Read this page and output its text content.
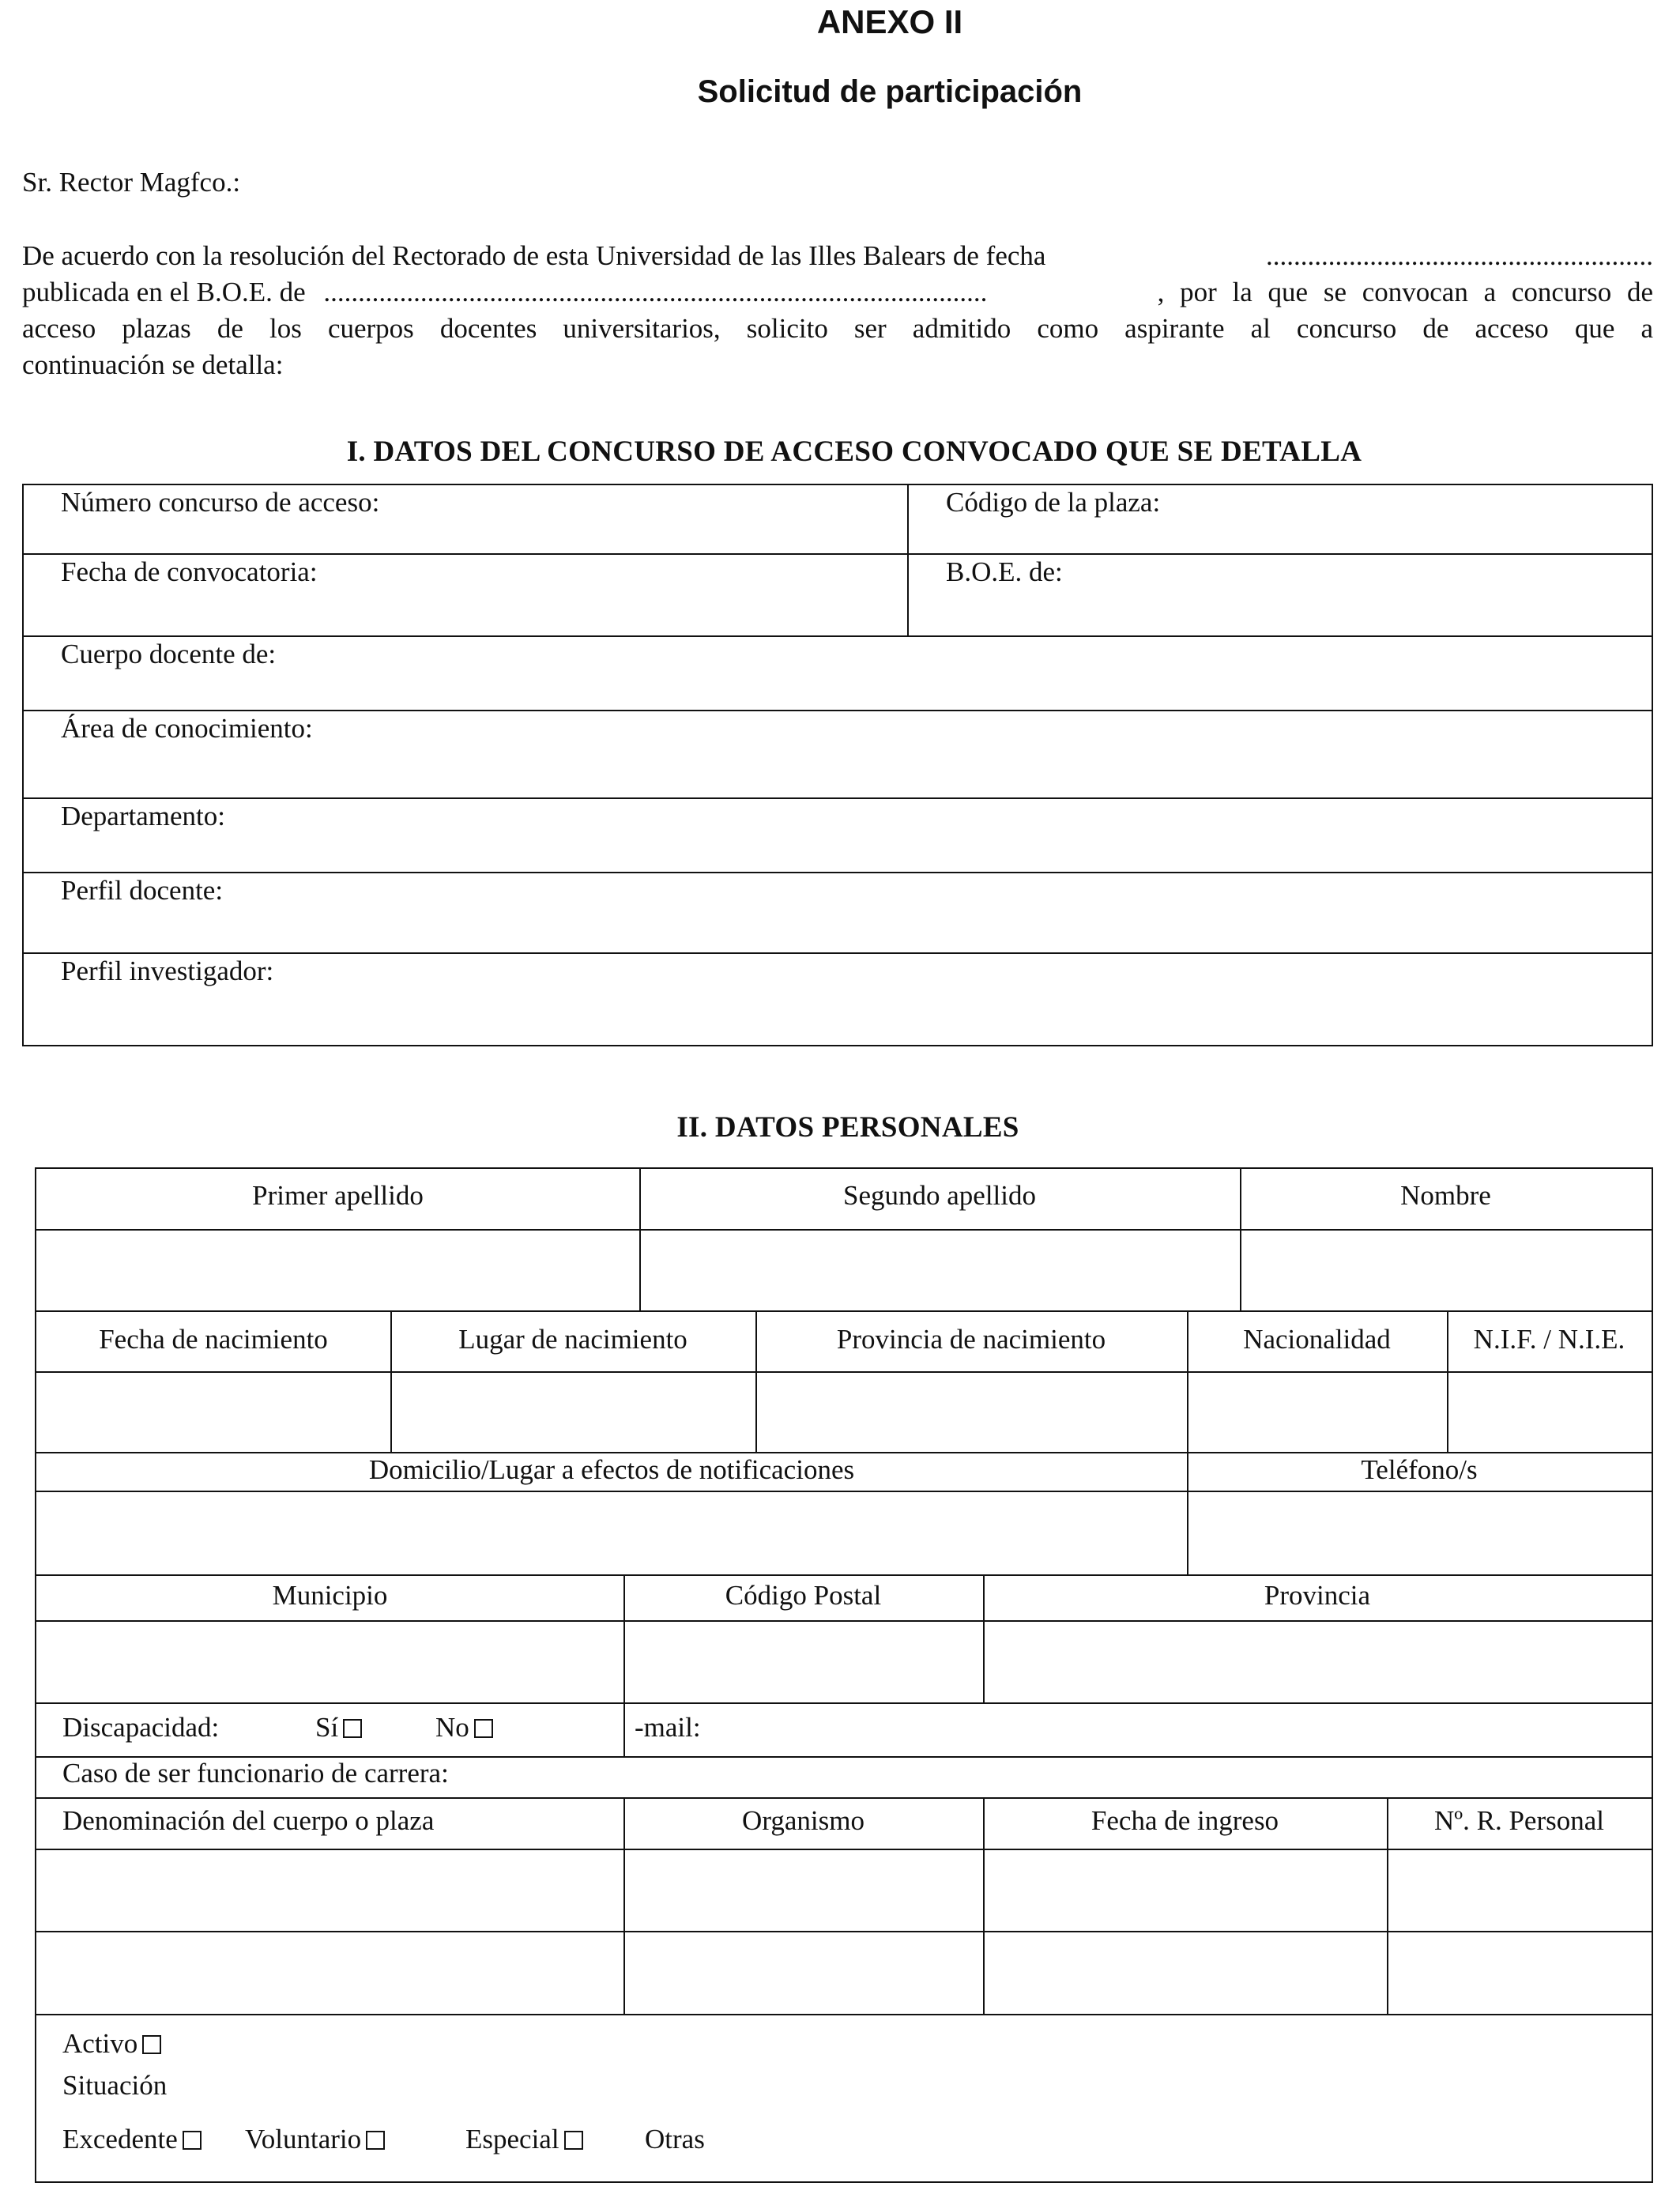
ANEXO II
Solicitud de participación
Sr. Rector Magfco.:
De acuerdo con la resolución del Rectorado de esta Universidad de las Illes Balears de fecha	........................................................
publicada en el B.O.E. de ................................................................................................	, por la que se convocan a concurso de
acceso plazas de los cuerpos docentes universitarios, solicito ser admitido como aspirante al concurso de acceso que a
continuación se detalla:
I. DATOS DEL CONCURSO DE ACCESO CONVOCADO QUE SE DETALLA
Número concurso de acceso:	Código de la plaza:
Fecha de convocatoria:	B.O.E. de:
Cuerpo docente de:
Área de conocimiento:
Departamento:
Perfil docente:
Perfil investigador:
II. DATOS PERSONALES
Primer apellido	Segundo apellido	Nombre
Fecha de nacimiento	Lugar de nacimiento	Provincia de nacimiento	Nacionalidad	N.I.F. / N.I.E.
Domicilio/Lugar a efectos de notificaciones	Teléfono/s
Municipio	Código Postal	Provincia
Discapacidad:	Sí	No	-mail:
Caso de ser funcionario de carrera:
Denominación del cuerpo o plaza	Organismo	Fecha de ingreso	Nº. R. Personal
Activo
Situación
Excedente	Voluntario	Especial	Otras
